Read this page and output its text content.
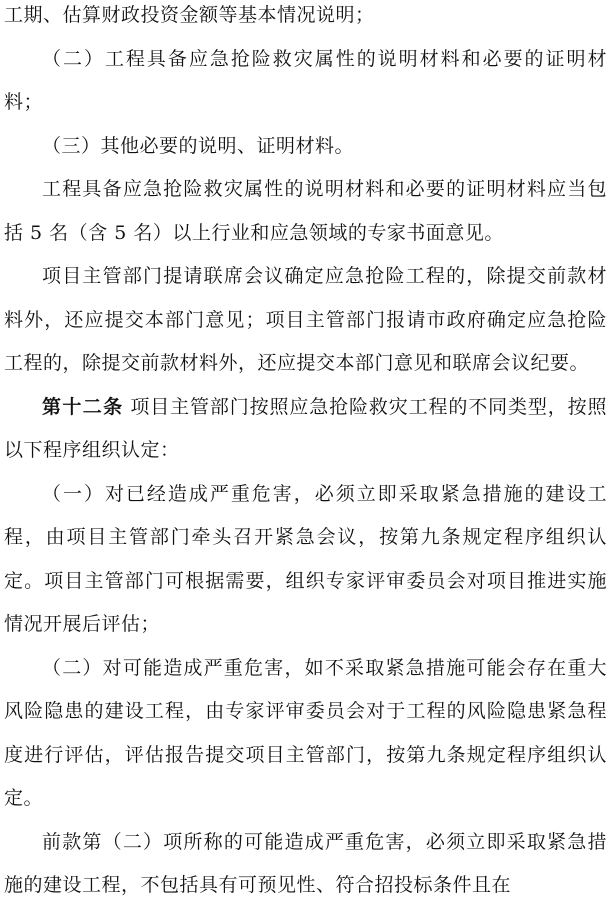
工期、估算财政投资金额等基本情况说明；

（二）工程具备应急抢险救灾属性的说明材料和必要的证明材料；

（三）其他必要的说明、证明材料。

工程具备应急抢险救灾属性的说明材料和必要的证明材料应当包括 5 名（含 5 名）以上行业和应急领域的专家书面意见。

项目主管部门提请联席会议确定应急抢险工程的，除提交前款材料外，还应提交本部门意见；项目主管部门报请市政府确定应急抢险工程的，除提交前款材料外，还应提交本部门意见和联席会议纪要。

第十二条 项目主管部门按照应急抢险救灾工程的不同类型，按照以下程序组织认定：

（一）对已经造成严重危害，必须立即采取紧急措施的建设工程，由项目主管部门牵头召开紧急会议，按第九条规定程序组织认定。项目主管部门可根据需要，组织专家评审委员会对项目推进实施情况开展后评估；

（二）对可能造成严重危害，如不采取紧急措施可能会存在重大风险隐患的建设工程，由专家评审委员会对于工程的风险隐患紧急程度进行评估，评估报告提交项目主管部门，按第九条规定程序组织认定。

前款第（二）项所称的可能造成严重危害，必须立即采取紧急措施的建设工程，不包括具有可预见性、符合招投标条件且在
